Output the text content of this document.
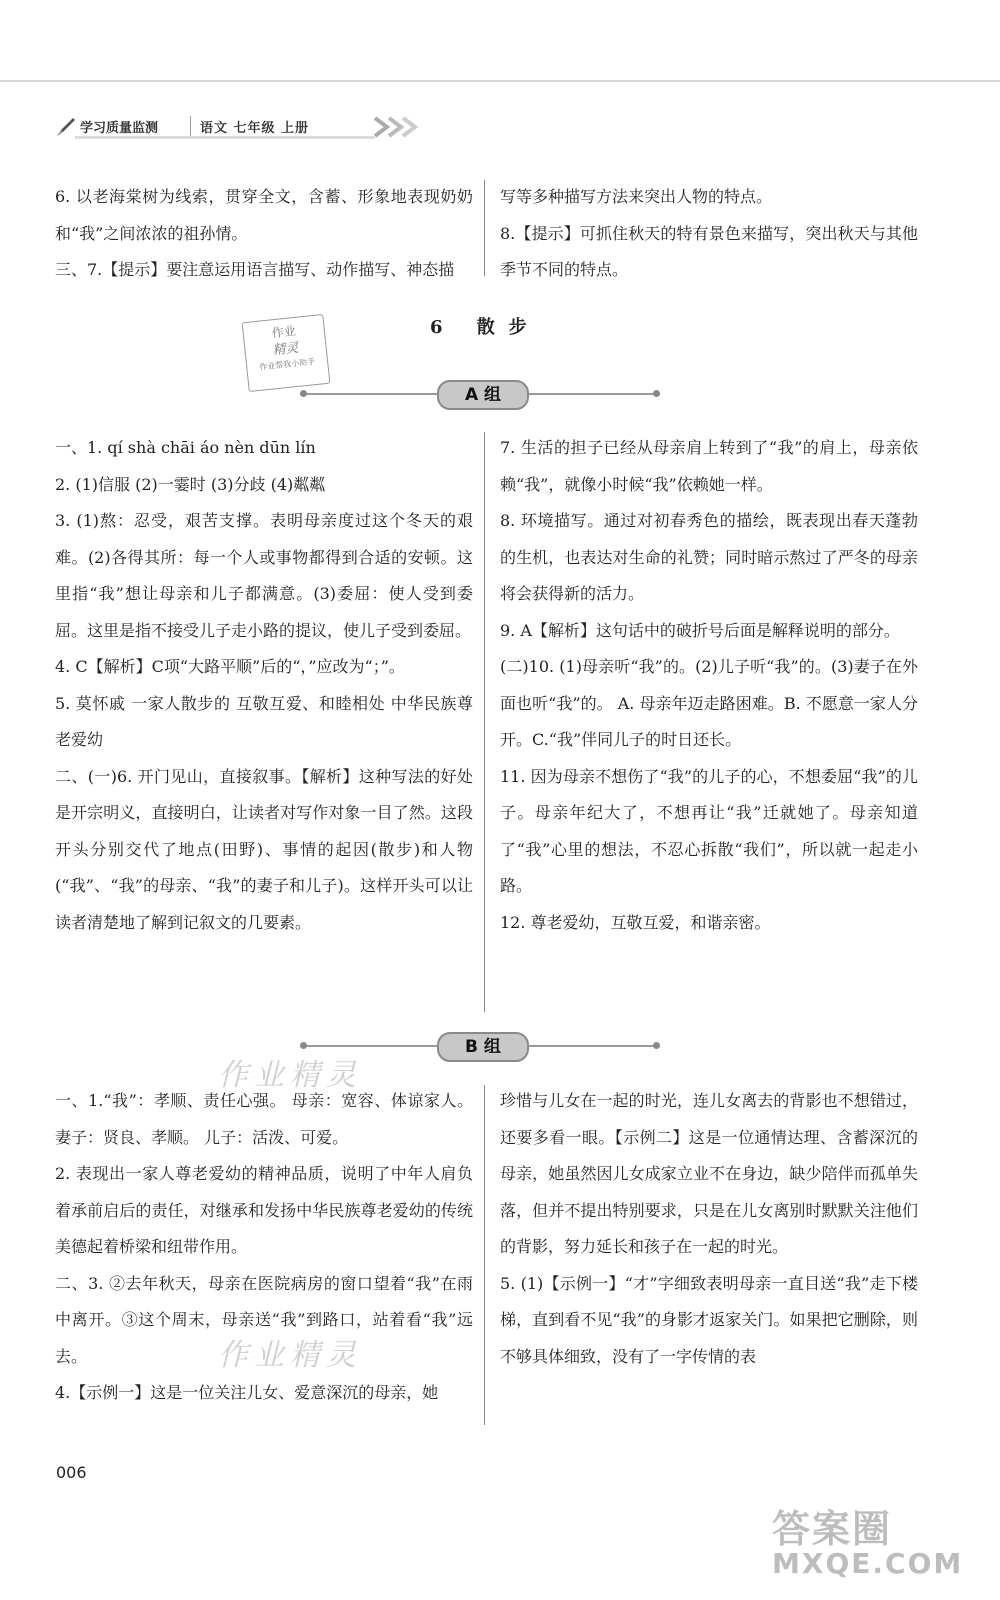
学习质量监测	语文 七年级 上册

6. 以老海棠树为线索，贯穿全文，含蓄、形象地表现奶奶和“我”之间浓浓的祖孙情。

三、7.【提示】要注意运用语言描写、动作描写、神态描

写等多种描写方法来突出人物的特点。

8.【提示】可抓住秋天的特有景色来描写，突出秋天与其他季节不同的特点。

作业
精灵
作业帮我小助手
6 散步
A 组

一、1. qí shà chāi áo nèn dūn lín

2. (1)信服 (2)一霎时 (3)分歧 (4)粼粼

3. (1)熬：忍受，艰苦支撑。表明母亲度过这个冬天的艰难。(2)各得其所：每一个人或事物都得到合适的安顿。这里指“我”想让母亲和儿子都满意。(3)委屈：使人受到委屈。这里是指不接受儿子走小路的提议，使儿子受到委屈。

4. C【解析】C项“大路平顺”后的“，”应改为“；”。

5. 莫怀戚 一家人散步的 互敬互爱、和睦相处 中华民族尊老爱幼

二、(一)6. 开门见山，直接叙事。【解析】这种写法的好处是开宗明义，直接明白，让读者对写作对象一目了然。这段开头分别交代了地点(田野)、事情的起因(散步)和人物(“我”、“我”的母亲、“我”的妻子和儿子)。这样开头可以让读者清楚地了解到记叙文的几要素。

7. 生活的担子已经从母亲肩上转到了“我”的肩上，母亲依赖“我”，就像小时候“我”依赖她一样。

8. 环境描写。通过对初春秀色的描绘，既表现出春天蓬勃的生机，也表达对生命的礼赞；同时暗示熬过了严冬的母亲将会获得新的活力。

9. A【解析】这句话中的破折号后面是解释说明的部分。

(二)10. (1)母亲听“我”的。(2)儿子听“我”的。(3)妻子在外面也听“我”的。 A. 母亲年迈走路困难。B. 不愿意一家人分开。C.“我”伴同儿子的时日还长。

11. 因为母亲不想伤了“我”的儿子的心，不想委屈“我”的儿子。母亲年纪大了，不想再让“我”迁就她了。母亲知道了“我”心里的想法，不忍心拆散“我们”，所以就一起走小路。

12. 尊老爱幼，互敬互爱，和谐亲密。

B 组

一、1.“我”：孝顺、责任心强。 母亲：宽容、体谅家人。妻子：贤良、孝顺。 儿子：活泼、可爱。

2. 表现出一家人尊老爱幼的精神品质，说明了中年人肩负着承前启后的责任，对继承和发扬中华民族尊老爱幼的传统美德起着桥梁和纽带作用。

二、3. ②去年秋天，母亲在医院病房的窗口望着“我”在雨中离开。③这个周末，母亲送“我”到路口，站着看“我”远去。

4.【示例一】这是一位关注儿女、爱意深沉的母亲，她

珍惜与儿女在一起的时光，连儿女离去的背影也不想错过，还要多看一眼。【示例二】这是一位通情达理、含蓄深沉的母亲，她虽然因儿女成家立业不在身边，缺少陪伴而孤单失落，但并不提出特别要求，只是在儿女离别时默默关注他们的背影，努力延长和孩子在一起的时光。

5. (1)【示例一】“才”字细致表明母亲一直目送“我”走下楼梯，直到看不见“我”的身影才返家关门。如果把它删除，则不够具体细致，没有了一字传情的表

作业精灵
作业精灵
006
答案圈
MXQE.COM
